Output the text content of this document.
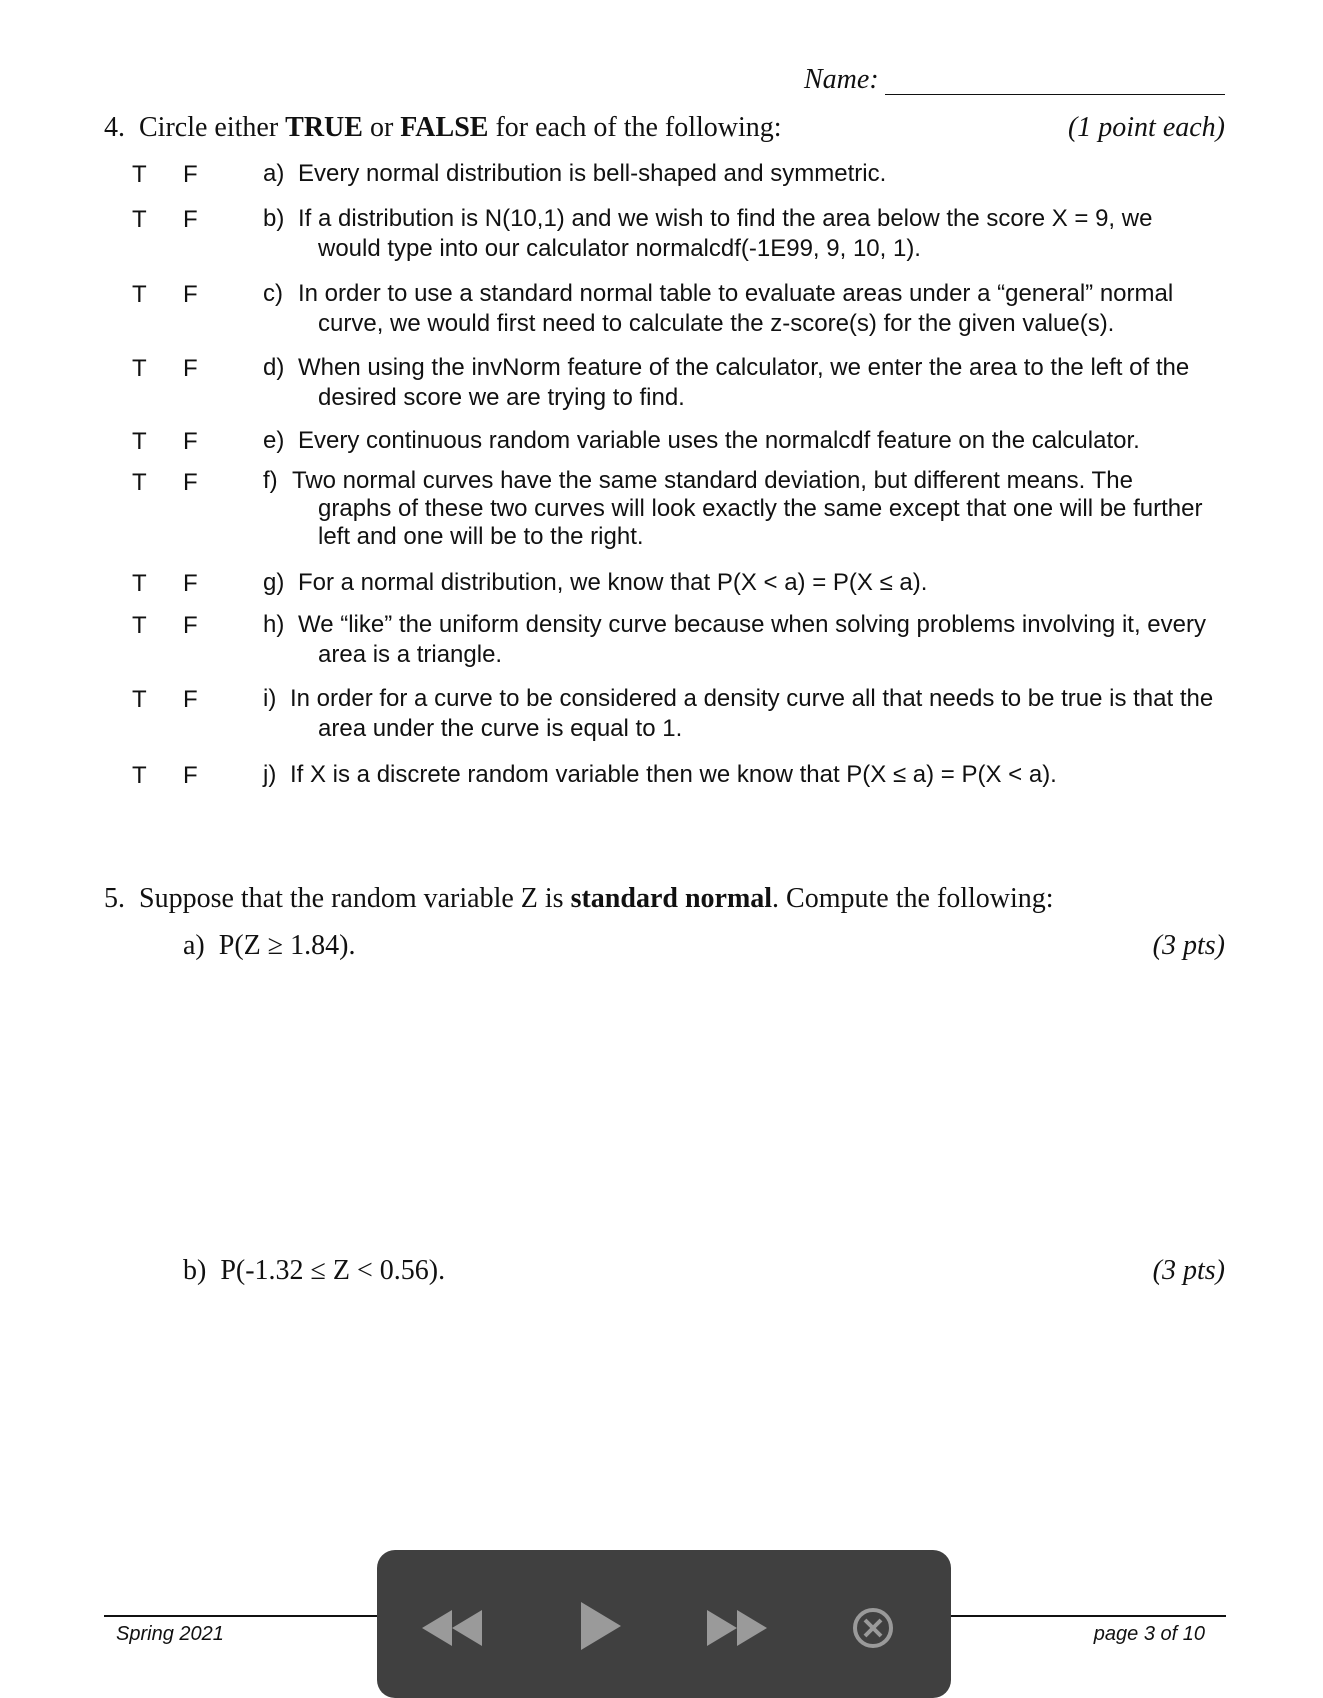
Name:
4. Circle either TRUE or FALSE for each of the following:	(1 point each)
T F	a) Every normal distribution is bell-shaped and symmetric.
T F	b) If a distribution is N(10,1) and we wish to find the area below the score X = 9, we
would type into our calculator normalcdf(-1E99, 9, 10, 1).
T F	c) In order to use a standard normal table to evaluate areas under a “general” normal
curve, we would first need to calculate the z-score(s) for the given value(s).
T F	d) When using the invNorm feature of the calculator, we enter the area to the left of the
desired score we are trying to find.
T F	e) Every continuous random variable uses the normalcdf feature on the calculator.
T F	f) Two normal curves have the same standard deviation, but different means. The
graphs of these two curves will look exactly the same except that one will be further
left and one will be to the right.
T F	g) For a normal distribution, we know that P(X < a) = P(X ≤ a).
T F	h) We “like” the uniform density curve because when solving problems involving it, every
area is a triangle.
T F	i) In order for a curve to be considered a density curve all that needs to be true is that the
area under the curve is equal to 1.
T F	j) If X is a discrete random variable then we know that P(X ≤ a) = P(X < a).
5. Suppose that the random variable Z is standard normal. Compute the following:
a) P(Z ≥ 1.84).	(3 pts)
b) P(-1.32 ≤ Z < 0.56).	(3 pts)
Spring 2021	page 3 of 10
